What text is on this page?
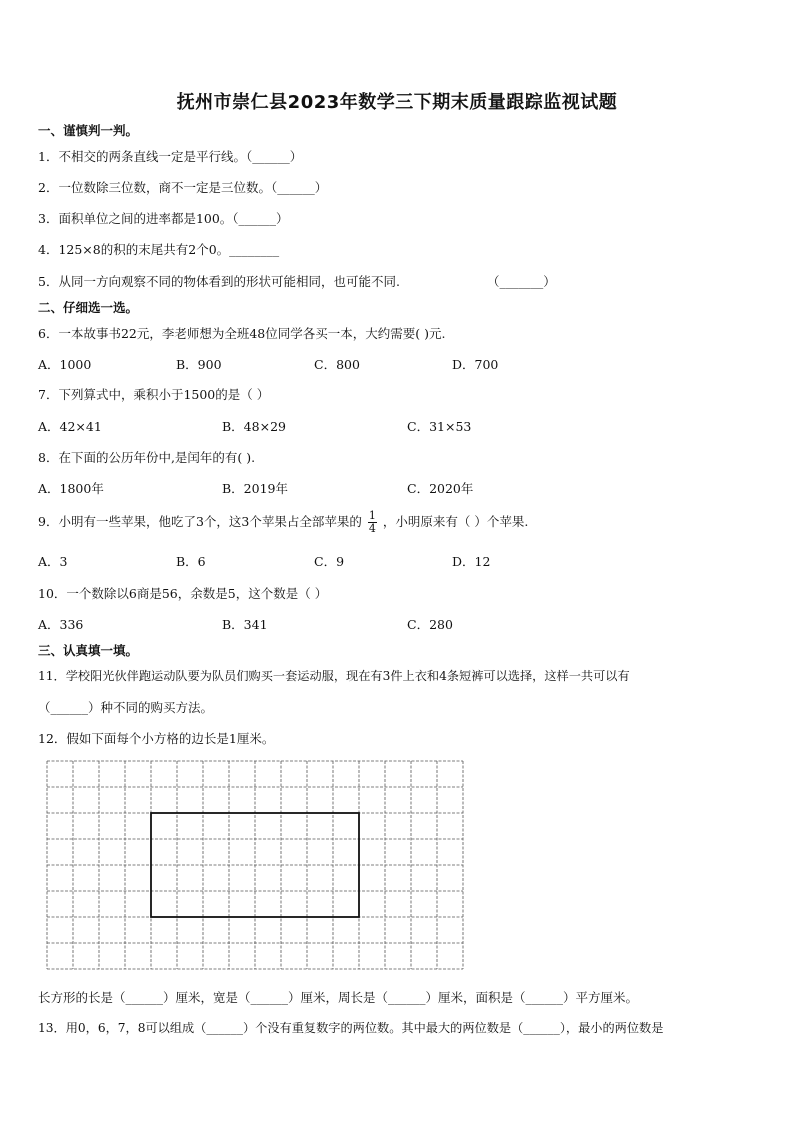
抚州市崇仁县2023年数学三下期末质量跟踪监视试题
一、谨慎判一判。
1．不相交的两条直线一定是平行线。（______）
2．一位数除三位数，商不一定是三位数。（______）
3．面积单位之间的进率都是100。（______）
4．125×8的积的末尾共有2个0。________
5．从同一方向观察不同的物体看到的形状可能相同，也可能不同.	（_______）
二、仔细选一选。
6．一本故事书22元，李老师想为全班48位同学各买一本，大约需要( )元.
A．1000	B．900	C．800	D．700
7．下列算式中，乘积小于1500的是（ ）
A．42×41	B．48×29	C．31×53
8．在下面的公历年份中,是闰年的有( ).
A．1800年	B．2019年	C．2020年
9．小明有一些苹果，他吃了3个，这3个苹果占全部苹果的 $\frac{1}{4}$ ，小明原来有（ ）个苹果.
A．3	B．6	C．9	D．12
10．一个数除以6商是56，余数是5，这个数是（ ）
A．336	B．341	C．280
三、认真填一填。
11．学校阳光伙伴跑运动队要为队员们购买一套运动服，现在有3件上衣和4条短裤可以选择，这样一共可以有
（______）种不同的购买方法。
12．假如下面每个小方格的边长是1厘米。
长方形的长是（______）厘米，宽是（______）厘米，周长是（______）厘米，面积是（______）平方厘米。
13．用0，6，7，8可以组成（______）个没有重复数字的两位数。其中最大的两位数是（______），最小的两位数是
